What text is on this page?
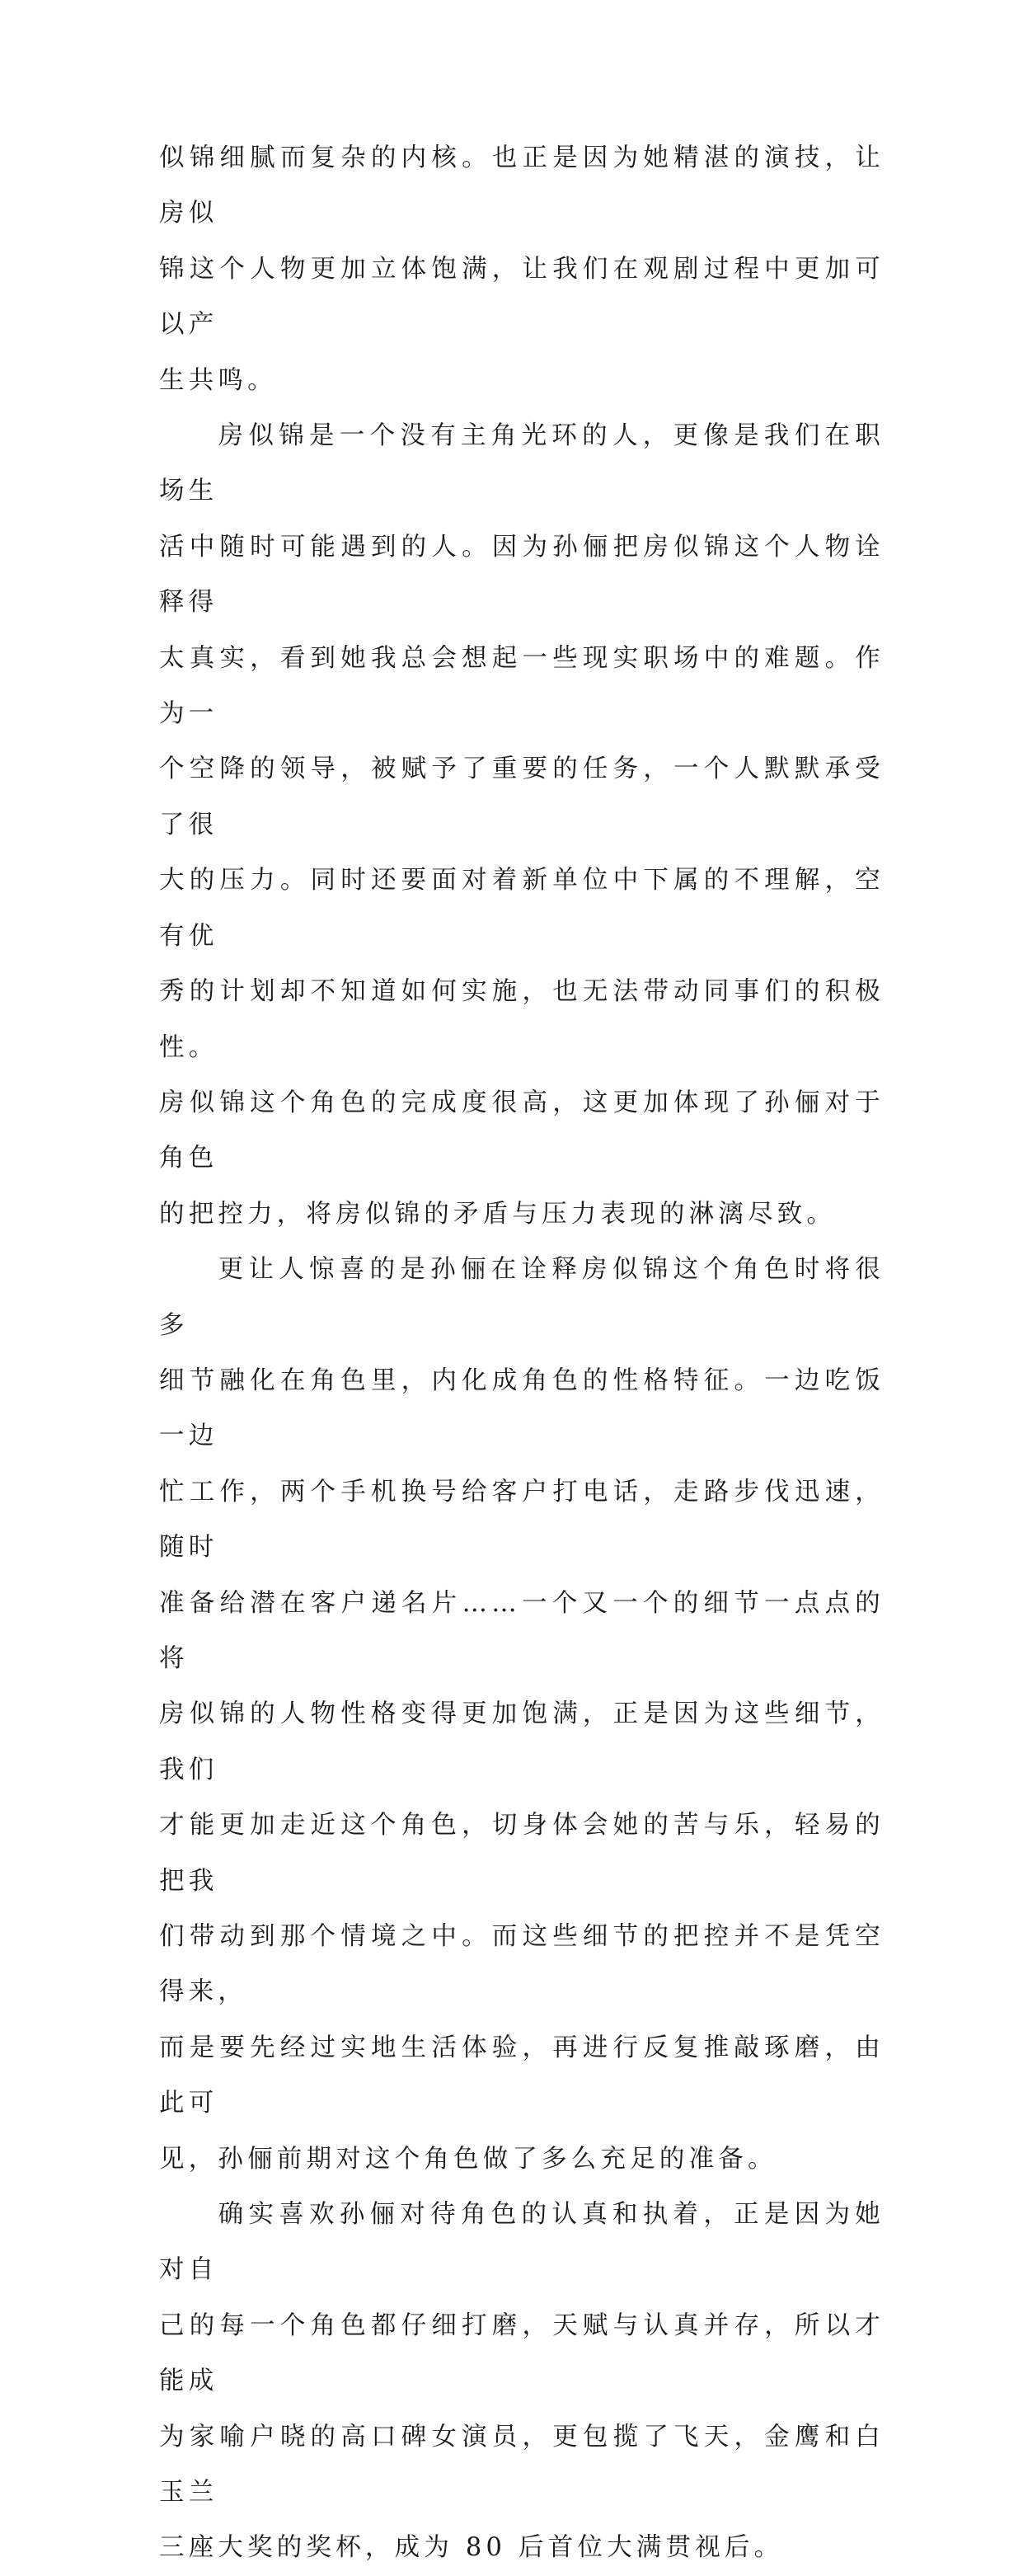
似锦细腻而复杂的内核。也正是因为她精湛的演技，让房似
锦这个人物更加立体饱满，让我们在观剧过程中更加可以产
生共鸣。

房似锦是一个没有主角光环的人，更像是我们在职场生
活中随时可能遇到的人。因为孙俪把房似锦这个人物诠释得
太真实，看到她我总会想起一些现实职场中的难题。作为一
个空降的领导，被赋予了重要的任务，一个人默默承受了很
大的压力。同时还要面对着新单位中下属的不理解，空有优
秀的计划却不知道如何实施，也无法带动同事们的积极性。
房似锦这个角色的完成度很高，这更加体现了孙俪对于角色
的把控力，将房似锦的矛盾与压力表现的淋漓尽致。

更让人惊喜的是孙俪在诠释房似锦这个角色时将很多
细节融化在角色里，内化成角色的性格特征。一边吃饭一边
忙工作，两个手机换号给客户打电话，走路步伐迅速，随时
准备给潜在客户递名片……一个又一个的细节一点点的将
房似锦的人物性格变得更加饱满，正是因为这些细节，我们
才能更加走近这个角色，切身体会她的苦与乐，轻易的把我
们带动到那个情境之中。而这些细节的把控并不是凭空得来，
而是要先经过实地生活体验，再进行反复推敲琢磨，由此可
见，孙俪前期对这个角色做了多么充足的准备。

确实喜欢孙俪对待角色的认真和执着，正是因为她对自
己的每一个角色都仔细打磨，天赋与认真并存，所以才能成
为家喻户晓的高口碑女演员，更包揽了飞天，金鹰和白玉兰
三座大奖的奖杯，成为 80 后首位大满贯视后。
